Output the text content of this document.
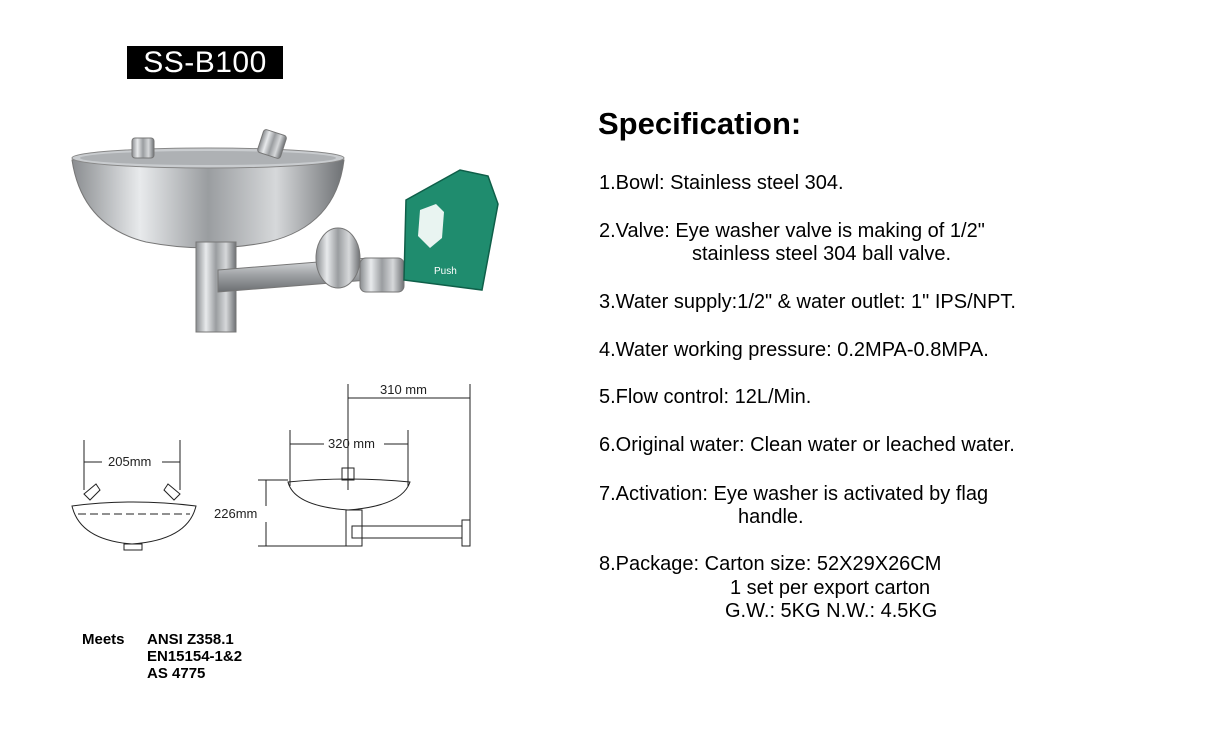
SS-B100
Push
205mm
310 mm
320 mm
226mm
Meets ANSI Z358.1
EN15154-1&2
AS 4775
Specification:
1.Bowl: Stainless steel 304.
2.Valve: Eye washer valve is making of 1/2"
stainless steel 304 ball valve.
3.Water supply:1/2" & water outlet: 1" IPS/NPT.
4.Water working pressure: 0.2MPA-0.8MPA.
5.Flow control: 12L/Min.
6.Original water: Clean water or leached water.
7.Activation: Eye washer is activated by flag
handle.
8.Package: Carton size: 52X29X26CM
1 set per export carton
G.W.: 5KG N.W.: 4.5KG
